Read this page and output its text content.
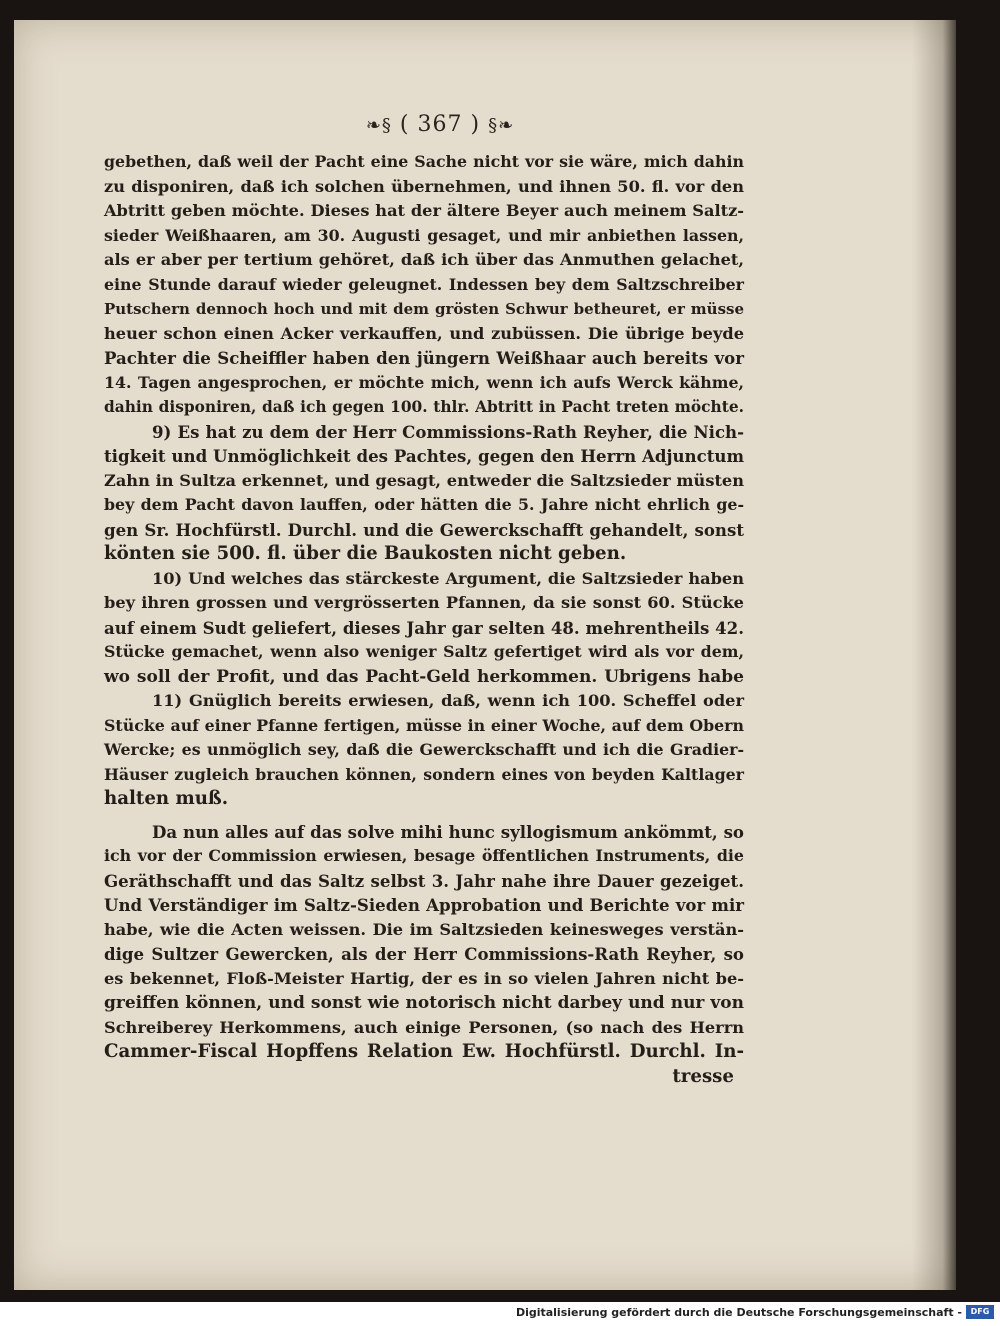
❧§ ( 367 ) §❧
gebethen, daß weil der Pacht eine Sache nicht vor sie wäre, mich dahin
zu disponiren, daß ich solchen übernehmen, und ihnen 50. fl. vor den
Abtritt geben möchte. Dieses hat der ältere Beyer auch meinem Saltz-
sieder Weißhaaren, am 30. Augusti gesaget, und mir anbiethen lassen,
als er aber per tertium gehöret, daß ich über das Anmuthen gelachet,
eine Stunde darauf wieder geleugnet. Indessen bey dem Saltzschreiber
Putschern dennoch hoch und mit dem grösten Schwur betheuret, er müsse
heuer schon einen Acker verkauffen, und zubüssen. Die übrige beyde
Pachter die Scheiffler haben den jüngern Weißhaar auch bereits vor
14. Tagen angesprochen, er möchte mich, wenn ich aufs Werck kähme,
dahin disponiren, daß ich gegen 100. thlr. Abtritt in Pacht treten möchte.
9) Es hat zu dem der Herr Commissions-Rath Reyher, die Nich-
tigkeit und Unmöglichkeit des Pachtes, gegen den Herrn Adjunctum
Zahn in Sultza erkennet, und gesagt, entweder die Saltzsieder müsten
bey dem Pacht davon lauffen, oder hätten die 5. Jahre nicht ehrlich ge-
gen Sr. Hochfürstl. Durchl. und die Gewerckschafft gehandelt, sonst
könten sie 500. fl. über die Baukosten nicht geben.
10) Und welches das stärckeste Argument, die Saltzsieder haben
bey ihren grossen und vergrösserten Pfannen, da sie sonst 60. Stücke
auf einem Sudt geliefert, dieses Jahr gar selten 48. mehrentheils 42.
Stücke gemachet, wenn also weniger Saltz gefertiget wird als vor dem,
wo soll der Profit, und das Pacht-Geld herkommen. Ubrigens habe
11) Gnüglich bereits erwiesen, daß, wenn ich 100. Scheffel oder
Stücke auf einer Pfanne fertigen, müsse in einer Woche, auf dem Obern
Wercke; es unmöglich sey, daß die Gewerckschafft und ich die Gradier-
Häuser zugleich brauchen können, sondern eines von beyden Kaltlager
halten muß.
Da nun alles auf das solve mihi hunc syllogismum ankömmt, so
ich vor der Commission erwiesen, besage öffentlichen Instruments, die
Geräthschafft und das Saltz selbst 3. Jahr nahe ihre Dauer gezeiget.
Und Verständiger im Saltz-Sieden Approbation und Berichte vor mir
habe, wie die Acten weissen. Die im Saltzsieden keinesweges verstän-
dige Sultzer Gewercken, als der Herr Commissions-Rath Reyher, so
es bekennet, Floß-Meister Hartig, der es in so vielen Jahren nicht be-
greiffen können, und sonst wie notorisch nicht darbey und nur von
Schreiberey Herkommens, auch einige Personen, (so nach des Herrn
Cammer-Fiscal Hopffens Relation Ew. Hochfürstl. Durchl. In-
tresse
Digitalisierung gefördert durch die Deutsche Forschungsgemeinschaft -	DFG
